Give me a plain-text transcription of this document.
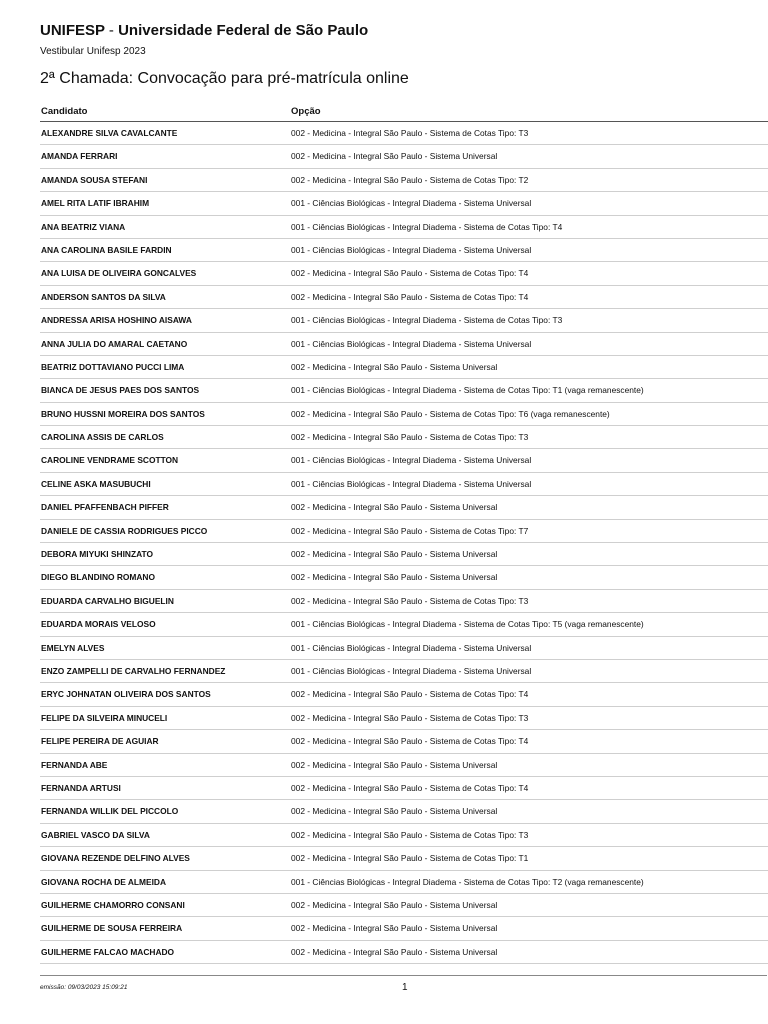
UNIFESP - Universidade Federal de São Paulo
Vestibular Unifesp 2023
2ª Chamada: Convocação para pré-matrícula online
Candidato	Opção
ALEXANDRE SILVA CAVALCANTE	002 - Medicina - Integral São Paulo - Sistema de Cotas Tipo: T3
AMANDA FERRARI	002 - Medicina - Integral São Paulo - Sistema Universal
AMANDA SOUSA STEFANI	002 - Medicina - Integral São Paulo - Sistema de Cotas Tipo: T2
AMEL RITA LATIF IBRAHIM	001 - Ciências Biológicas - Integral Diadema - Sistema Universal
ANA BEATRIZ VIANA	001 - Ciências Biológicas - Integral Diadema - Sistema de Cotas Tipo: T4
ANA CAROLINA BASILE FARDIN	001 - Ciências Biológicas - Integral Diadema - Sistema Universal
ANA LUISA DE OLIVEIRA GONCALVES	002 - Medicina - Integral São Paulo - Sistema de Cotas Tipo: T4
ANDERSON SANTOS DA SILVA	002 - Medicina - Integral São Paulo - Sistema de Cotas Tipo: T4
ANDRESSA ARISA HOSHINO AISAWA	001 - Ciências Biológicas - Integral Diadema - Sistema de Cotas Tipo: T3
ANNA JULIA DO AMARAL CAETANO	001 - Ciências Biológicas - Integral Diadema - Sistema Universal
BEATRIZ DOTTAVIANO PUCCI LIMA	002 - Medicina - Integral São Paulo - Sistema Universal
BIANCA DE JESUS PAES DOS SANTOS	001 - Ciências Biológicas - Integral Diadema - Sistema de Cotas Tipo: T1 (vaga remanescente)
BRUNO HUSSNI MOREIRA DOS SANTOS	002 - Medicina - Integral São Paulo - Sistema de Cotas Tipo: T6 (vaga remanescente)
CAROLINA ASSIS DE CARLOS	002 - Medicina - Integral São Paulo - Sistema de Cotas Tipo: T3
CAROLINE VENDRAME SCOTTON	001 - Ciências Biológicas - Integral Diadema - Sistema Universal
CELINE ASKA MASUBUCHI	001 - Ciências Biológicas - Integral Diadema - Sistema Universal
DANIEL PFAFFENBACH PIFFER	002 - Medicina - Integral São Paulo - Sistema Universal
DANIELE DE CASSIA RODRIGUES PICCO	002 - Medicina - Integral São Paulo - Sistema de Cotas Tipo: T7
DEBORA MIYUKI SHINZATO	002 - Medicina - Integral São Paulo - Sistema Universal
DIEGO BLANDINO ROMANO	002 - Medicina - Integral São Paulo - Sistema Universal
EDUARDA CARVALHO BIGUELIN	002 - Medicina - Integral São Paulo - Sistema de Cotas Tipo: T3
EDUARDA MORAIS VELOSO	001 - Ciências Biológicas - Integral Diadema - Sistema de Cotas Tipo: T5 (vaga remanescente)
EMELYN ALVES	001 - Ciências Biológicas - Integral Diadema - Sistema Universal
ENZO ZAMPELLI DE CARVALHO FERNANDEZ	001 - Ciências Biológicas - Integral Diadema - Sistema Universal
ERYC JOHNATAN OLIVEIRA DOS SANTOS	002 - Medicina - Integral São Paulo - Sistema de Cotas Tipo: T4
FELIPE DA SILVEIRA MINUCELI	002 - Medicina - Integral São Paulo - Sistema de Cotas Tipo: T3
FELIPE PEREIRA DE AGUIAR	002 - Medicina - Integral São Paulo - Sistema de Cotas Tipo: T4
FERNANDA ABE	002 - Medicina - Integral São Paulo - Sistema Universal
FERNANDA ARTUSI	002 - Medicina - Integral São Paulo - Sistema de Cotas Tipo: T4
FERNANDA WILLIK DEL PICCOLO	002 - Medicina - Integral São Paulo - Sistema Universal
GABRIEL VASCO DA SILVA	002 - Medicina - Integral São Paulo - Sistema de Cotas Tipo: T3
GIOVANA REZENDE DELFINO ALVES	002 - Medicina - Integral São Paulo - Sistema de Cotas Tipo: T1
GIOVANA ROCHA DE ALMEIDA	001 - Ciências Biológicas - Integral Diadema - Sistema de Cotas Tipo: T2 (vaga remanescente)
GUILHERME CHAMORRO CONSANI	002 - Medicina - Integral São Paulo - Sistema Universal
GUILHERME DE SOUSA FERREIRA	002 - Medicina - Integral São Paulo - Sistema Universal
GUILHERME FALCAO MACHADO	002 - Medicina - Integral São Paulo - Sistema Universal
emissão: 09/03/2023 15:09:21	1
